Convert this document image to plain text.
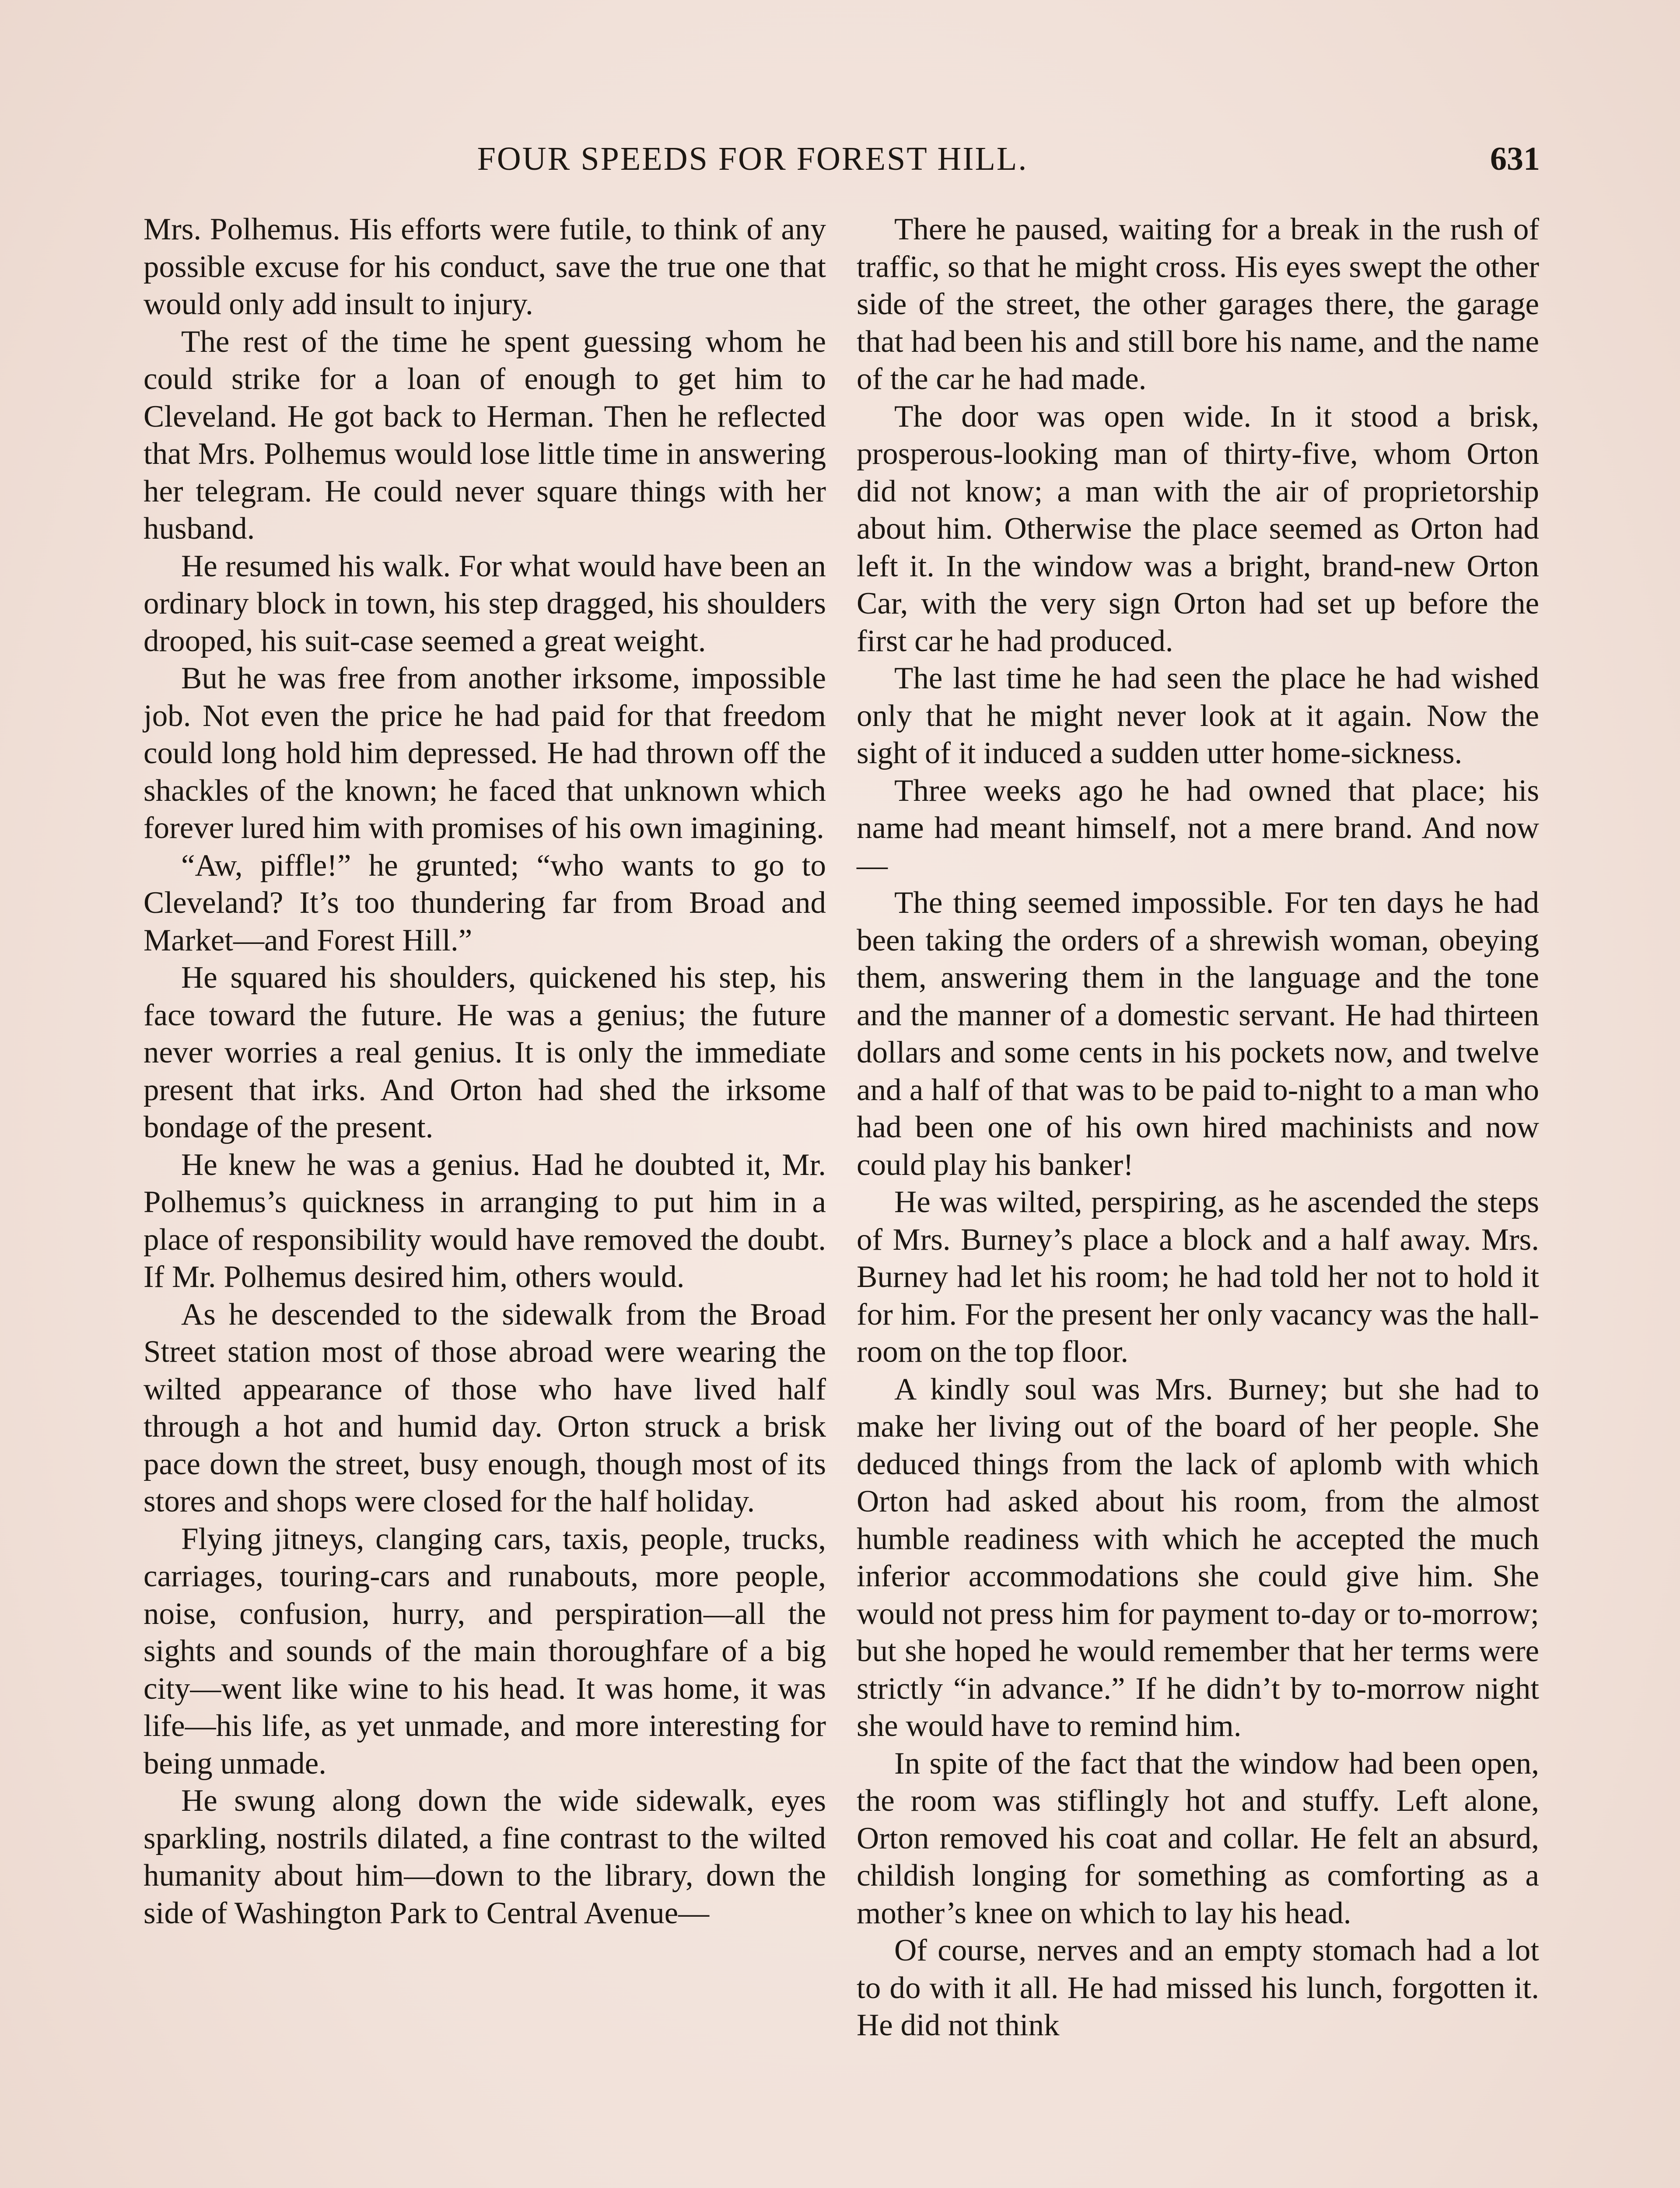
FOUR SPEEDS FOR FOREST HILL.	631

Mrs. Polhemus. His efforts were futile, to think of any possible excuse for his conduct, save the true one that would only add insult to injury.

The rest of the time he spent guessing whom he could strike for a loan of enough to get him to Cleveland. He got back to Herman. Then he reflected that Mrs. Polhemus would lose little time in answering her telegram. He could never square things with her husband.

He resumed his walk. For what would have been an ordinary block in town, his step dragged, his shoulders drooped, his suit-case seemed a great weight.

But he was free from another irksome, impossible job. Not even the price he had paid for that freedom could long hold him depressed. He had thrown off the shackles of the known; he faced that unknown which forever lured him with promises of his own imagining.

“Aw, piffle!” he grunted; “who wants to go to Cleveland? It’s too thundering far from Broad and Market—and Forest Hill.”

He squared his shoulders, quickened his step, his face toward the future. He was a genius; the future never worries a real genius. It is only the immediate present that irks. And Orton had shed the irksome bondage of the present.

He knew he was a genius. Had he doubted it, Mr. Polhemus’s quickness in arranging to put him in a place of responsibility would have removed the doubt. If Mr. Polhemus desired him, others would.

As he descended to the sidewalk from the Broad Street station most of those abroad were wearing the wilted appearance of those who have lived half through a hot and humid day. Orton struck a brisk pace down the street, busy enough, though most of its stores and shops were closed for the half holiday.

Flying jitneys, clanging cars, taxis, people, trucks, carriages, touring-cars and runabouts, more people, noise, confusion, hurry, and perspiration—all the sights and sounds of the main thoroughfare of a big city—went like wine to his head. It was home, it was life—his life, as yet unmade, and more interesting for being unmade.

He swung along down the wide sidewalk, eyes sparkling, nostrils dilated, a fine contrast to the wilted humanity about him—down to the library, down the side of Washington Park to Central Avenue—

There he paused, waiting for a break in the rush of traffic, so that he might cross. His eyes swept the other side of the street, the other garages there, the garage that had been his and still bore his name, and the name of the car he had made.

The door was open wide. In it stood a brisk, prosperous-looking man of thirty-five, whom Orton did not know; a man with the air of proprietorship about him. Otherwise the place seemed as Orton had left it. In the window was a bright, brand-new Orton Car, with the very sign Orton had set up before the first car he had produced.

The last time he had seen the place he had wished only that he might never look at it again. Now the sight of it induced a sudden utter home-sickness.

Three weeks ago he had owned that place; his name had meant himself, not a mere brand. And now—

The thing seemed impossible. For ten days he had been taking the orders of a shrewish woman, obeying them, answering them in the language and the tone and the manner of a domestic servant. He had thirteen dollars and some cents in his pockets now, and twelve and a half of that was to be paid to-night to a man who had been one of his own hired machinists and now could play his banker!

He was wilted, perspiring, as he ascended the steps of Mrs. Burney’s place a block and a half away. Mrs. Burney had let his room; he had told her not to hold it for him. For the present her only vacancy was the hall-room on the top floor.

A kindly soul was Mrs. Burney; but she had to make her living out of the board of her people. She deduced things from the lack of aplomb with which Orton had asked about his room, from the almost humble readiness with which he accepted the much inferior accommodations she could give him. She would not press him for payment to-day or to-morrow; but she hoped he would remember that her terms were strictly “in advance.” If he didn’t by to-morrow night she would have to remind him.

In spite of the fact that the window had been open, the room was stiflingly hot and stuffy. Left alone, Orton removed his coat and collar. He felt an absurd, childish longing for something as comforting as a mother’s knee on which to lay his head.

Of course, nerves and an empty stomach had a lot to do with it all. He had missed his lunch, forgotten it. He did not think
